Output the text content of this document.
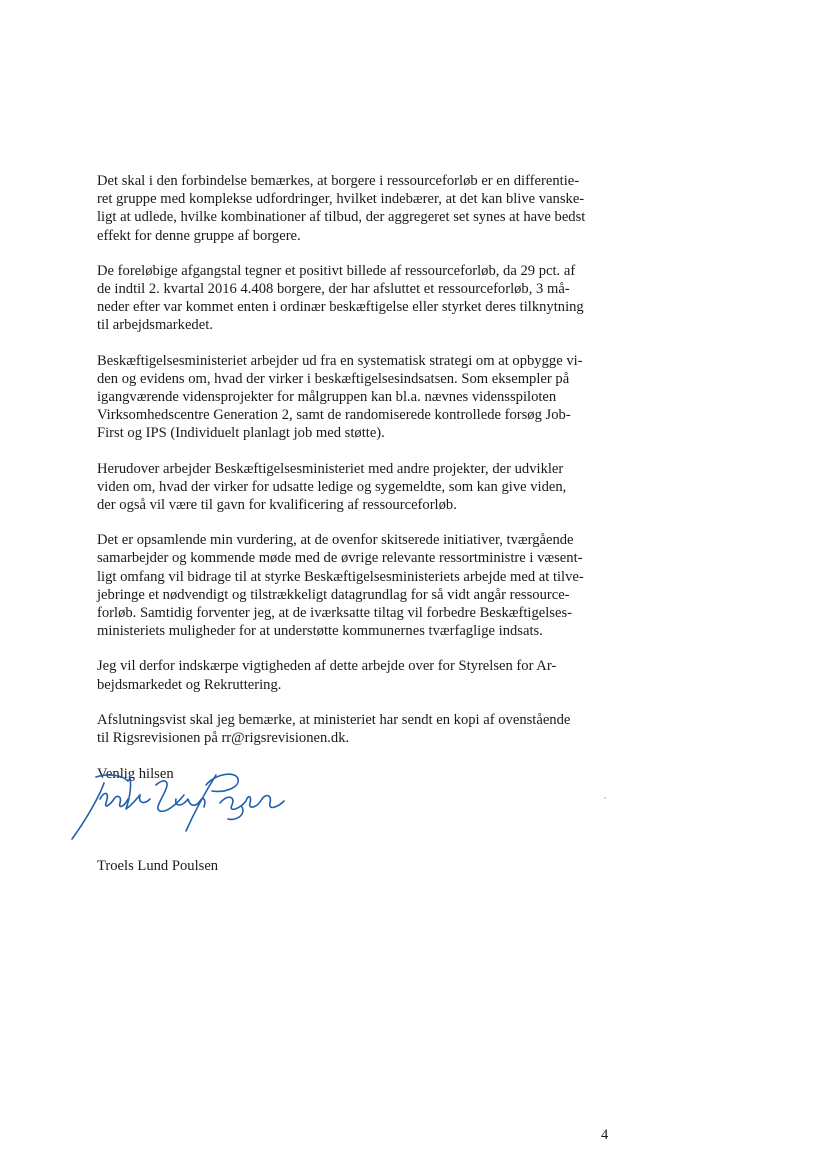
Det skal i den forbindelse bemærkes, at borgere i ressourceforløb er en differentie-
ret gruppe med komplekse udfordringer, hvilket indebærer, at det kan blive vanske-
ligt at udlede, hvilke kombinationer af tilbud, der aggregeret set synes at have bedst
effekt for denne gruppe af borgere.

De foreløbige afgangstal tegner et positivt billede af ressourceforløb, da 29 pct. af
de indtil 2. kvartal 2016 4.408 borgere, der har afsluttet et ressourceforløb, 3 må-
neder efter var kommet enten i ordinær beskæftigelse eller styrket deres tilknytning
til arbejdsmarkedet.

Beskæftigelsesministeriet arbejder ud fra en systematisk strategi om at opbygge vi-
den og evidens om, hvad der virker i beskæftigelsesindsatsen. Som eksempler på
igangværende vidensprojekter for målgruppen kan bl.a. nævnes vidensspiloten
Virksomhedscentre Generation 2, samt de randomiserede kontrollede forsøg Job-
First og IPS (Individuelt planlagt job med støtte).

Herudover arbejder Beskæftigelsesministeriet med andre projekter, der udvikler
viden om, hvad der virker for udsatte ledige og sygemeldte, som kan give viden,
der også vil være til gavn for kvalificering af ressourceforløb.

Det er opsamlende min vurdering, at de ovenfor skitserede initiativer, tværgående
samarbejder og kommende møde med de øvrige relevante ressortministre i væsent-
ligt omfang vil bidrage til at styrke Beskæftigelsesministeriets arbejde med at tilve-
jebringe et nødvendigt og tilstrækkeligt datagrundlag for så vidt angår ressource-
forløb. Samtidig forventer jeg, at de iværksatte tiltag vil forbedre Beskæftigelses-
ministeriets muligheder for at understøtte kommunernes tværfaglige indsats.

Jeg vil derfor indskærpe vigtigheden af dette arbejde over for Styrelsen for Ar-
bejdsmarkedet og Rekruttering.

Afslutningsvist skal jeg bemærke, at ministeriet har sendt en kopi af ovenstående
til Rigsrevisionen på rr@rigsrevisionen.dk.

Venlig hilsen
Troels Lund Poulsen
4
